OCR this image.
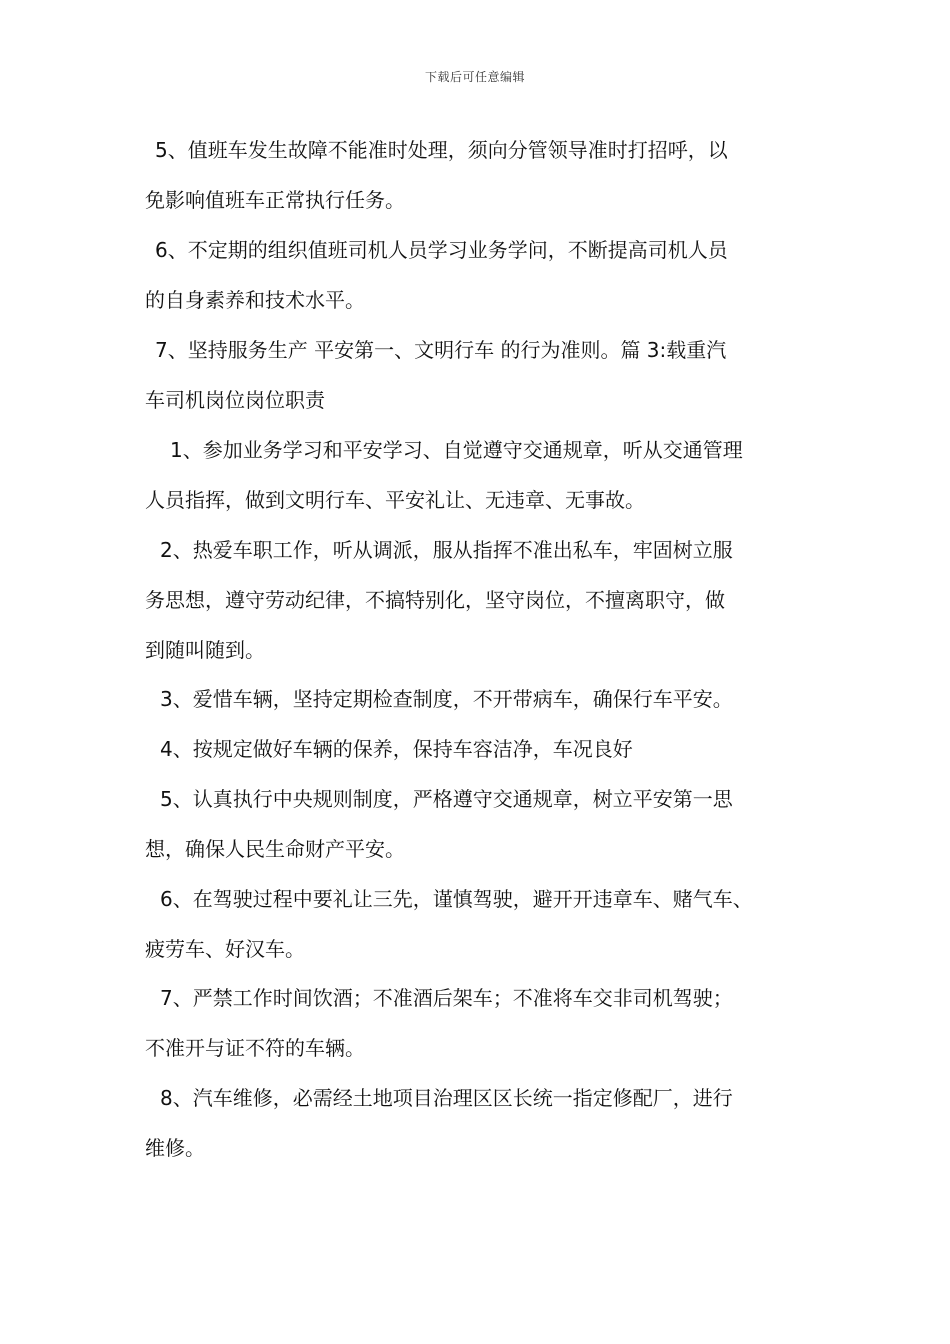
下载后可任意编辑
5、值班车发生故障不能准时处理，须向分管领导准时打招呼，以
免影响值班车正常执行任务。
6、不定期的组织值班司机人员学习业务学问，不断提高司机人员
的自身素养和技术水平。
7、坚持服务生产 平安第一、文明行车 的行为准则。篇 3:载重汽
车司机岗位岗位职责
1、参加业务学习和平安学习、自觉遵守交通规章，听从交通管理
人员指挥，做到文明行车、平安礼让、无违章、无事故。
2、热爱车职工作，听从调派，服从指挥不准出私车，牢固树立服
务思想，遵守劳动纪律，不搞特别化，坚守岗位，不擅离职守，做
到随叫随到。
3、爱惜车辆，坚持定期检查制度，不开带病车，确保行车平安。
4、按规定做好车辆的保养，保持车容洁净，车况良好
5、认真执行中央规则制度，严格遵守交通规章，树立平安第一思
想，确保人民生命财产平安。
6、在驾驶过程中要礼让三先，谨慎驾驶，避开开违章车、赌气车、
疲劳车、好汉车。
7、严禁工作时间饮酒；不准酒后架车；不准将车交非司机驾驶；
不准开与证不符的车辆。
8、汽车维修，必需经土地项目治理区区长统一指定修配厂，进行
维修。
